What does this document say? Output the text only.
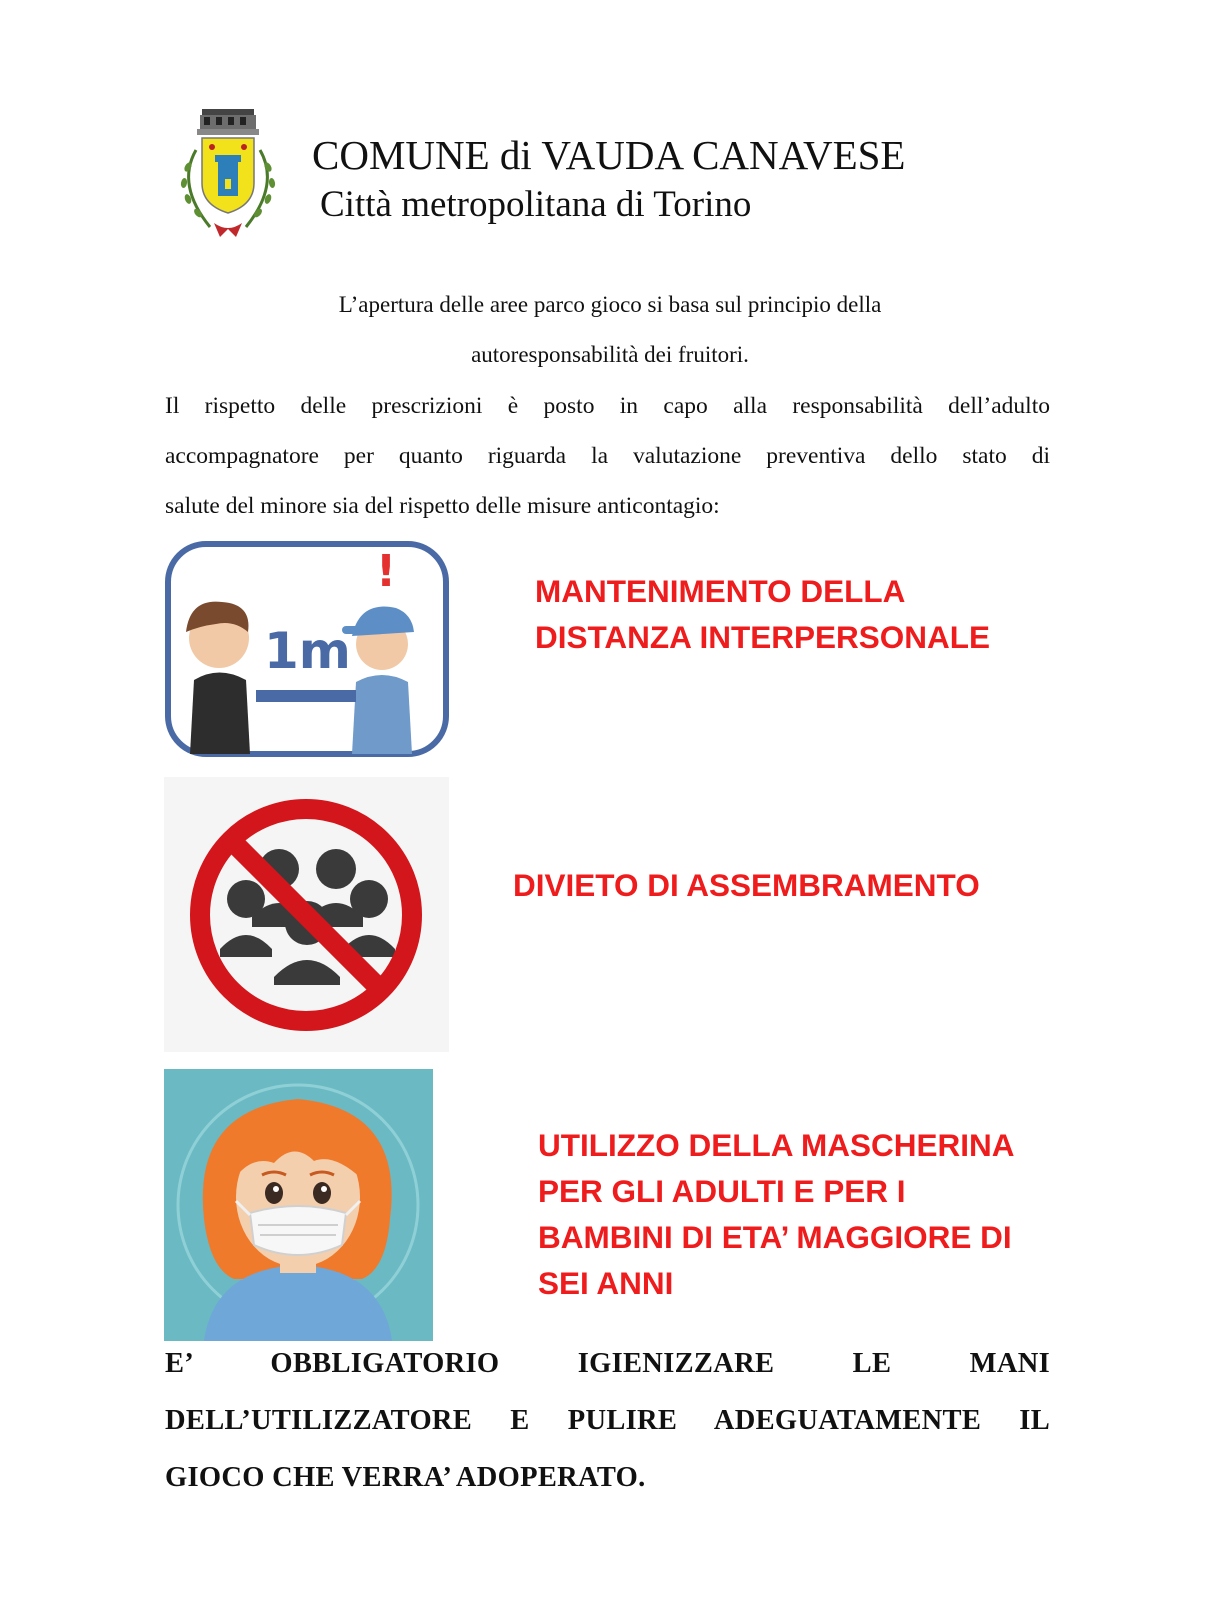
COMUNE di VAUDA CANAVESE
Città metropolitana di Torino
L’apertura delle aree parco gioco si basa sul principio della
autoresponsabilità dei fruitori.
Il rispetto delle prescrizioni è posto in capo alla responsabilità dell’adulto
accompagnatore per quanto riguarda la valutazione preventiva dello stato di
salute del minore sia del rispetto delle misure anticontagio:
1m
!	MANTENIMENTO DELLA
DISTANZA INTERPERSONALE
DIVIETO DI ASSEMBRAMENTO
UTILIZZO DELLA MASCHERINA
PER GLI ADULTI E PER I
BAMBINI DI ETA’ MAGGIORE DI
SEI ANNI
E’ OBBLIGATORIO IGIENIZZARE LE MANI
DELL’UTILIZZATORE E PULIRE ADEGUATAMENTE IL
GIOCO CHE VERRA’ ADOPERATO.
